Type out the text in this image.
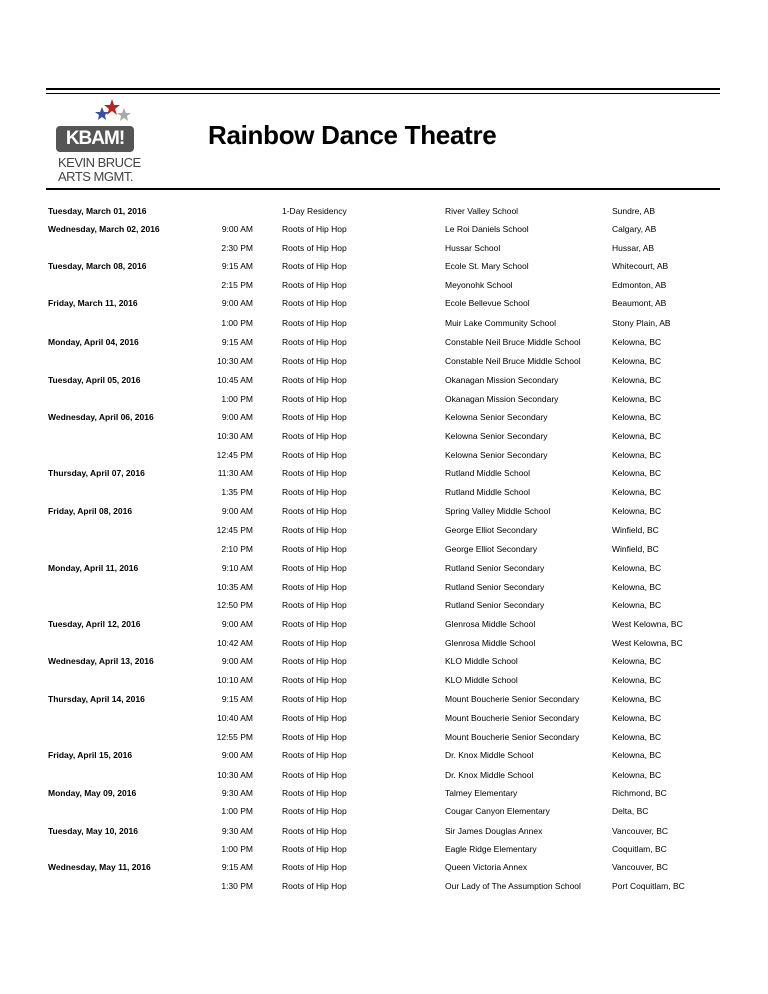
KBAM!
KEVIN BRUCE
ARTS MGMT.
Rainbow Dance Theatre
Tuesday, March 01, 2016	1-Day Residency	River Valley School	Sundre, AB
Wednesday, March 02, 2016	9:00 AM	Roots of Hip Hop	Le Roi Daniels School	Calgary, AB
2:30 PM	Roots of Hip Hop	Hussar School	Hussar, AB
Tuesday, March 08, 2016	9:15 AM	Roots of Hip Hop	Ecole St. Mary School	Whitecourt, AB
2:15 PM	Roots of Hip Hop	Meyonohk School	Edmonton, AB
Friday, March 11, 2016	9:00 AM	Roots of Hip Hop	Ecole Bellevue School	Beaumont, AB
1:00 PM	Roots of Hip Hop	Muir Lake Community School	Stony Plain, AB
Monday, April 04, 2016	9:15 AM	Roots of Hip Hop	Constable Neil Bruce Middle School	Kelowna, BC
10:30 AM	Roots of Hip Hop	Constable Neil Bruce Middle School	Kelowna, BC
Tuesday, April 05, 2016	10:45 AM	Roots of Hip Hop	Okanagan Mission Secondary	Kelowna, BC
1:00 PM	Roots of Hip Hop	Okanagan Mission Secondary	Kelowna, BC
Wednesday, April 06, 2016	9:00 AM	Roots of Hip Hop	Kelowna Senior Secondary	Kelowna, BC
10:30 AM	Roots of Hip Hop	Kelowna Senior Secondary	Kelowna, BC
12:45 PM	Roots of Hip Hop	Kelowna Senior Secondary	Kelowna, BC
Thursday, April 07, 2016	11:30 AM	Roots of Hip Hop	Rutland Middle School	Kelowna, BC
1:35 PM	Roots of Hip Hop	Rutland Middle School	Kelowna, BC
Friday, April 08, 2016	9:00 AM	Roots of Hip Hop	Spring Valley Middle School	Kelowna, BC
12:45 PM	Roots of Hip Hop	George Elliot Secondary	Winfield, BC
2:10 PM	Roots of Hip Hop	George Elliot Secondary	Winfield, BC
Monday, April 11, 2016	9:10 AM	Roots of Hip Hop	Rutland Senior Secondary	Kelowna, BC
10:35 AM	Roots of Hip Hop	Rutland Senior Secondary	Kelowna, BC
12:50 PM	Roots of Hip Hop	Rutland Senior Secondary	Kelowna, BC
Tuesday, April 12, 2016	9:00 AM	Roots of Hip Hop	Glenrosa Middle School	West Kelowna, BC
10:42 AM	Roots of Hip Hop	Glenrosa Middle School	West Kelowna, BC
Wednesday, April 13, 2016	9:00 AM	Roots of Hip Hop	KLO Middle School	Kelowna, BC
10:10 AM	Roots of Hip Hop	KLO Middle School	Kelowna, BC
Thursday, April 14, 2016	9:15 AM	Roots of Hip Hop	Mount Boucherie Senior Secondary	Kelowna, BC
10:40 AM	Roots of Hip Hop	Mount Boucherie Senior Secondary	Kelowna, BC
12:55 PM	Roots of Hip Hop	Mount Boucherie Senior Secondary	Kelowna, BC
Friday, April 15, 2016	9:00 AM	Roots of Hip Hop	Dr. Knox Middle School	Kelowna, BC
10:30 AM	Roots of Hip Hop	Dr. Knox Middle School	Kelowna, BC
Monday, May 09, 2016	9:30 AM	Roots of Hip Hop	Talmey Elementary	Richmond, BC
1:00 PM	Roots of Hip Hop	Cougar Canyon Elementary	Delta, BC
Tuesday, May 10, 2016	9:30 AM	Roots of Hip Hop	Sir James Douglas Annex	Vancouver, BC
1:00 PM	Roots of Hip Hop	Eagle Ridge Elementary	Coquitlam, BC
Wednesday, May 11, 2016	9:15 AM	Roots of Hip Hop	Queen Victoria Annex	Vancouver, BC
1:30 PM	Roots of Hip Hop	Our Lady of The Assumption School	Port Coquitlam, BC
